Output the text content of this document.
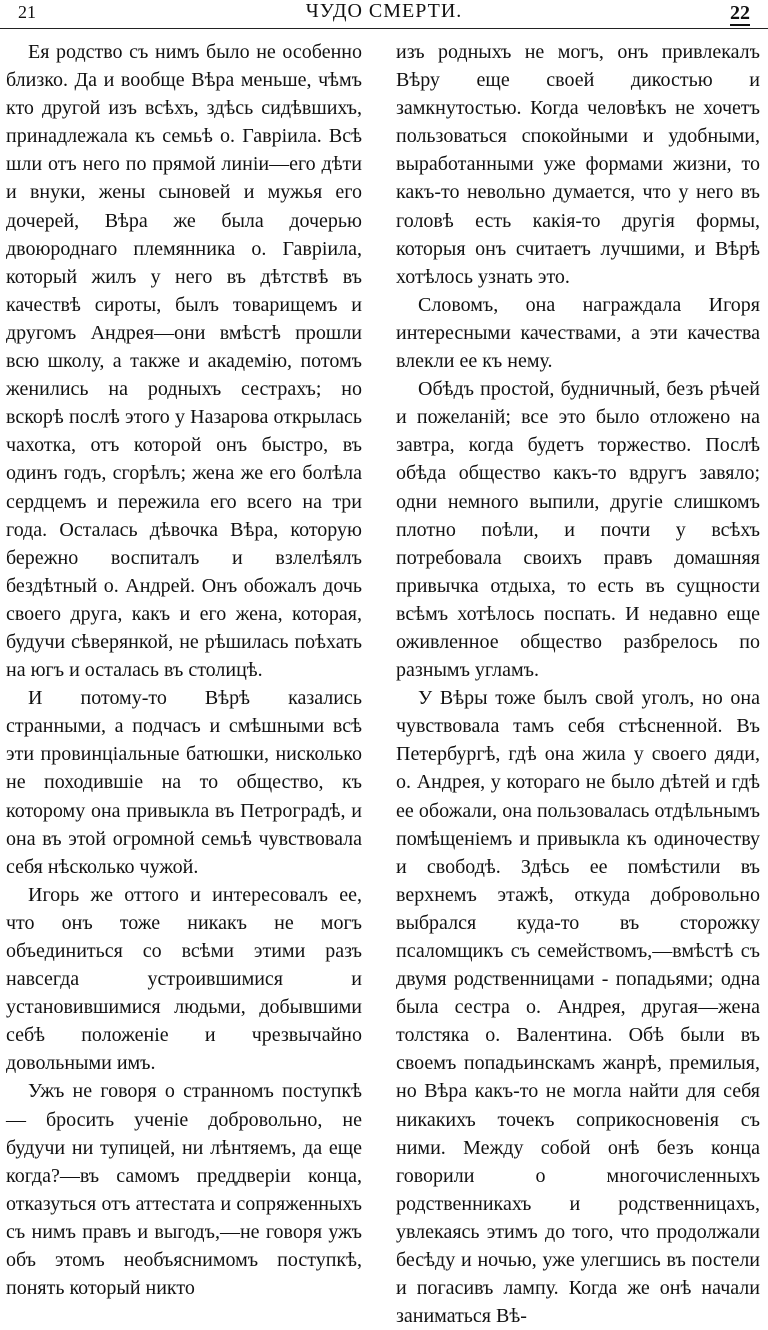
21	ЧУДО СМЕРТИ.	22

Ея родство съ нимъ было не особенно близко. Да и вообще Вѣра меньше, чѣмъ кто другой изъ всѣхъ, здѣсь сидѣвшихъ, принадлежала къ семьѣ о. Гавріила. Всѣ шли отъ него по прямой линіи—его дѣти и внуки, жены сыновей и мужья его дочерей, Вѣра же была дочерью двоюроднаго племянника о. Гавріила, который жилъ у него въ дѣтствѣ въ качествѣ сироты, былъ товарищемъ и другомъ Андрея—они вмѣстѣ прошли всю школу, а также и академію, потомъ женились на родныхъ сестрахъ; но вскорѣ послѣ этого у Назарова открылась чахотка, отъ которой онъ быстро, въ одинъ годъ, сгорѣлъ; жена же его болѣла сердцемъ и пережила его всего на три года. Осталась дѣвочка Вѣра, которую бережно воспиталъ и взлелѣялъ бездѣтный о. Андрей. Онъ обожалъ дочь своего друга, какъ и его жена, которая, будучи сѣверянкой, не рѣшилась поѣхать на югъ и осталась въ столицѣ.

И потому-то Вѣрѣ казались странными, а подчасъ и смѣшными всѣ эти провинціальные батюшки, нисколько не походившіе на то общество, къ которому она привыкла въ Петроградѣ, и она въ этой огромной семьѣ чувствовала себя нѣсколько чужой.

Игорь же оттого и интересовалъ ее, что онъ тоже никакъ не могъ объединиться со всѣми этими разъ навсегда устроившимися и установившимися людьми, добывшими себѣ положеніе и чрезвычайно довольными имъ.

Ужъ не говоря о странномъ поступкѣ — бросить ученіе добровольно, не будучи ни тупицей, ни лѣнтяемъ, да еще когда?—въ самомъ преддверіи конца, отказуться отъ аттестата и сопряженныхъ съ нимъ правъ и выгодъ,—не говоря ужъ объ этомъ необъяснимомъ поступкѣ, понять который никто

изъ родныхъ не могъ, онъ привлекалъ Вѣру еще своей дикостью и замкнутостью. Когда человѣкъ не хочетъ пользоваться спокойными и удобными, выработанными уже формами жизни, то какъ-то невольно думается, что у него въ головѣ есть какія-то другія формы, которыя онъ считаетъ лучшими, и Вѣрѣ хотѣлось узнать это.

Словомъ, она награждала Игоря интересными качествами, а эти качества влекли ее къ нему.

Обѣдъ простой, будничный, безъ рѣчей и пожеланій; все это было отложено на завтра, когда будетъ торжество. Послѣ обѣда общество какъ-то вдругъ завяло; одни немного выпили, другіе слишкомъ плотно поѣли, и почти у всѣхъ потребовала своихъ правъ домашняя привычка отдыха, то есть въ сущности всѣмъ хотѣлось поспать. И недавно еще оживленное общество разбрелось по разнымъ угламъ.

У Вѣры тоже былъ свой уголъ, но она чувствовала тамъ себя стѣсненной. Въ Петербургѣ, гдѣ она жила у своего дяди, о. Андрея, у котораго не было дѣтей и гдѣ ее обожали, она пользовалась отдѣльнымъ помѣщеніемъ и привыкла къ одиночеству и свободѣ. Здѣсь ее помѣстили въ верхнемъ этажѣ, откуда добровольно выбрался куда-то въ сторожку псаломщикъ съ семействомъ,—вмѣстѣ съ двумя родственницами - попадьями; одна была сестра о. Андрея, другая—жена толстяка о. Валентина. Обѣ были въ своемъ попадьинскамъ жанрѣ, премилыя, но Вѣра какъ-то не могла найти для себя никакихъ точекъ соприкосновенія съ ними. Между собой онѣ безъ конца говорили о многочисленныхъ родственникахъ и родственницахъ, увлекаясь этимъ до того, что продолжали бесѣду и ночью, уже улегшись въ постели и погасивъ лампу. Когда же онѣ начали заниматься Вѣ-
